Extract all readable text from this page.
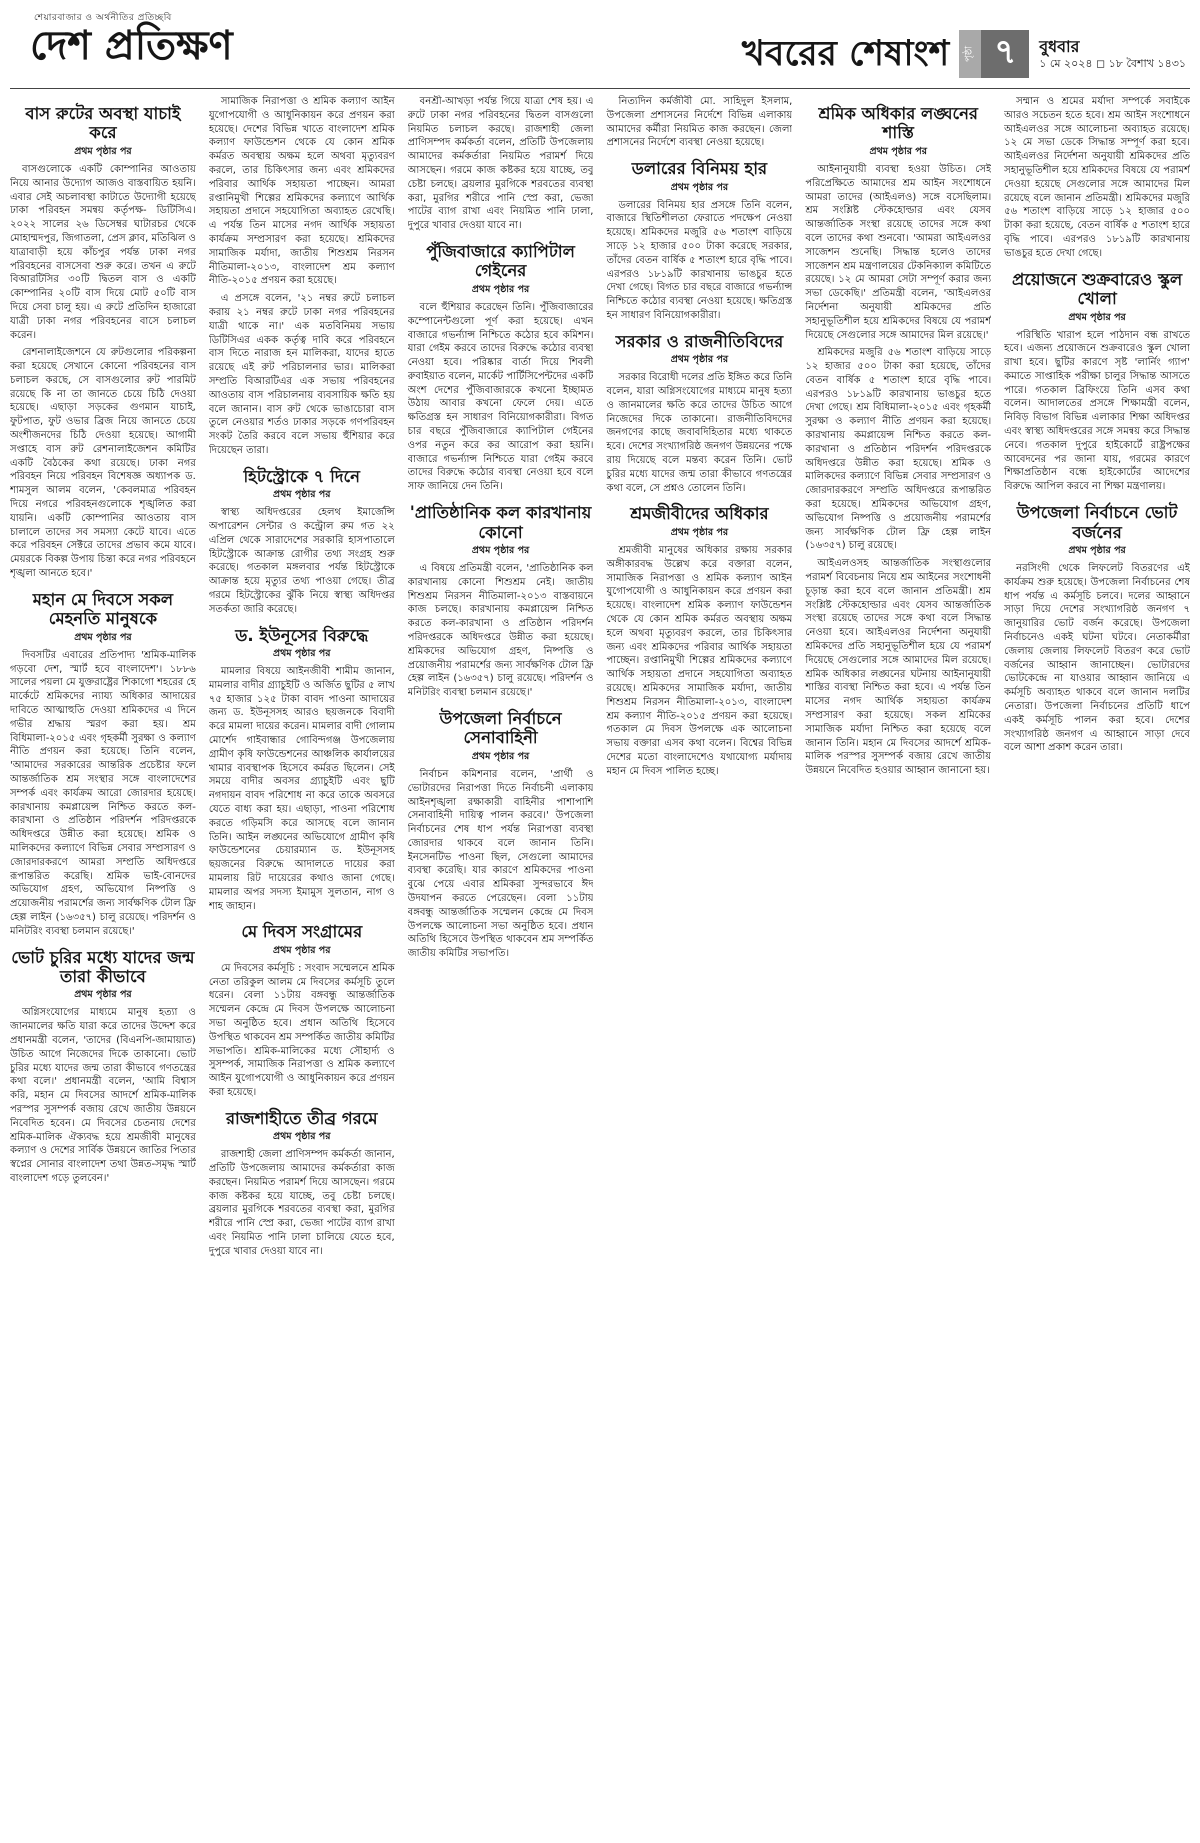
শেয়ারবাজার ও অর্থনীতির প্রতিচ্ছবি
দেশ প্রতিক্ষণ	খবরের শেষাংশ	পৃষ্ঠা ৭	বুধবার
১ মে ২০২৪ ◻ ১৮ বৈশাখ ১৪৩১
বাস রুটের অবস্থা যাচাই করে
প্রথম পৃষ্ঠার পর

বাসগুলোকে একটি কোম্পানির আওতায় নিয়ে আনার উদ্যোগ আজও বাস্তবায়িত হয়নি। এবার সেই অচলাবস্থা কাটাতে উদ্যোগী হয়েছে ঢাকা পরিবহন সমন্বয় কর্তৃপক্ষ- ডিটিসিএ। ২০২২ সালের ২৬ ডিসেম্বর ঘাটারচর থেকে মোহাম্মদপুর, জিগাতলা, প্রেস ক্লাব, মতিঝিল ও যাত্রাবাড়ী হয়ে কাঁচপুর পর্যন্ত ঢাকা নগর পরিবহনের বাসসেবা শুরু করে। তখন এ রুটে বিআরটিসির ৩০টি দ্বিতল বাস ও একটি কোম্পানির ২০টি বাস দিয়ে মোট ৫০টি বাস দিয়ে সেবা চালু হয়। এ রুটে প্রতিদিন হাজারো যাত্রী ঢাকা নগর পরিবহনের বাসে চলাচল করেন।

রেশনালাইজেশনে যে রুটগুলোর পরিকল্পনা করা হয়েছে সেখানে কোনো পরিবহনের বাস চলাচল করছে, সে বাসগুলোর রুট পারমিট রয়েছে কি না তা জানতে চেয়ে চিঠি দেওয়া হয়েছে। এছাড়া সড়কের গুণমান যাচাই, ফুটপাত, ফুট ওভার ব্রিজ নিয়ে জানতে চেয়ে অংশীজনদের চিঠি দেওয়া হয়েছে। আগামী সপ্তাহে বাস রুট রেশনালাইজেশন কমিটির একটি বৈঠকের কথা রয়েছে। ঢাকা নগর পরিবহন নিয়ে পরিবহন বিশেষজ্ঞ অধ্যাপক ড. শামসুল আলম বলেন, 'কেবলমাত্র পরিবহন দিয়ে নগরে পরিবহনগুলোকে শৃঙ্খলিত করা যায়নি। একটি কোম্পানির আওতায় বাস চালালে তাদের সব সমস্যা কেটে যাবে। এতে করে পরিবহন সেক্টরে তাদের প্রভাব কমে যাবে। মেয়রকে বিকল্প উপায় চিন্তা করে নগর পরিবহনে শৃঙ্খলা আনতে হবে।'

মহান মে দিবসে সকল মেহনতি মানুষকে
প্রথম পৃষ্ঠার পর

দিবসটির এবারের প্রতিপাদ্য 'শ্রমিক-মালিক গড়বো দেশ, স্মার্ট হবে বাংলাদেশ'। ১৮৮৬ সালের পয়লা মে যুক্তরাষ্ট্রের শিকাগো শহরের হে মার্কেটে শ্রমিকদের ন্যায্য অধিকার আদায়ের দাবিতে আত্মাহুতি দেওয়া শ্রমিকদের এ দিনে গভীর শ্রদ্ধায় স্মরণ করা হয়। শ্রম বিধিমালা-২০১৫ এবং গৃহকর্মী সুরক্ষা ও কল্যাণ নীতি প্রণয়ন করা হয়েছে। তিনি বলেন, 'আমাদের সরকারের আন্তরিক প্রচেষ্টার ফলে আন্তর্জাতিক শ্রম সংস্থার সঙ্গে বাংলাদেশের সম্পর্ক এবং কার্যক্রম আরো জোরদার হয়েছে। কারখানায় কমপ্লায়েন্স নিশ্চিত করতে কল-কারখানা ও প্রতিষ্ঠান পরিদর্শন পরিদপ্তরকে অধিদপ্তরে উন্নীত করা হয়েছে। শ্রমিক ও মালিকদের কল্যাণে বিভিন্ন সেবার সম্প্রসারণ ও জোরদারকরণে আমরা সম্প্রতি অধিদপ্তরে রূপান্তরিত করেছি। শ্রমিক ভাই-বোনদের অভিযোগ গ্রহণ, অভিযোগ নিষ্পত্তি ও প্রয়োজনীয় পরামর্শের জন্য সার্বক্ষণিক টোল ফ্রি হেল্প লাইন (১৬৩৫৭) চালু রয়েছে। পরিদর্শন ও মনিটরিং ব্যবস্থা চলমান রয়েছে।'

ভোট চুরির মধ্যে যাদের জন্ম তারা কীভাবে
প্রথম পৃষ্ঠার পর

অগ্নিসংযোগের মাধ্যমে মানুষ হত্যা ও জানমালের ক্ষতি যারা করে তাদের উদ্দেশ করে প্রধানমন্ত্রী বলেন, 'তাদের (বিএনপি-জামায়াত) উচিত আগে নিজেদের দিকে তাকানো। ভোট চুরির মধ্যে যাদের জন্ম তারা কীভাবে গণতন্ত্রের কথা বলে।' প্রধানমন্ত্রী বলেন, 'আমি বিশ্বাস করি, মহান মে দিবসের আদর্শে শ্রমিক-মালিক পরস্পর সুসম্পর্ক বজায় রেখে জাতীয় উন্নয়নে নিবেদিত হবেন। মে দিবসের চেতনায় দেশের শ্রমিক-মালিক ঐক্যবদ্ধ হয়ে শ্রমজীবী মানুষের কল্যাণ ও দেশের সার্বিক উন্নয়নে জাতির পিতার স্বপ্নের সোনার বাংলাদেশ তথা উন্নত-সমৃদ্ধ স্মার্ট বাংলাদেশ গড়ে তুলবেন।'

সামাজিক নিরাপত্তা ও শ্রমিক কল্যাণ আইন যুগোপযোগী ও আধুনিকায়ন করে প্রণয়ন করা হয়েছে। দেশের বিভিন্ন খাতে বাংলাদেশ শ্রমিক কল্যাণ ফাউন্ডেশন থেকে যে কোন শ্রমিক কর্মরত অবস্থায় অক্ষম হলে অথবা মৃত্যুবরণ করলে, তার চিকিৎসার জন্য এবং শ্রমিকদের পরিবার আর্থিক সহায়তা পাচ্ছেন। আমরা রপ্তানিমুখী শিল্পের শ্রমিকদের কল্যাণে আর্থিক সহায়তা প্রদানে সহযোগিতা অব্যাহত রেখেছি। এ পর্যন্ত তিন মাসের নগদ আর্থিক সহায়তা কার্যক্রম সম্প্রসারণ করা হয়েছে। শ্রমিকদের সামাজিক মর্যাদা, জাতীয় শিশুশ্রম নিরসন নীতিমালা-২০১৩, বাংলাদেশ শ্রম কল্যাণ নীতি-২০১৫ প্রণয়ন করা হয়েছে।

এ প্রসঙ্গে বলেন, '২১ নম্বর রুটে চলাচল করায় ২১ নম্বর রুটে ঢাকা নগর পরিবহনের যাত্রী থাকে না।' এক মতবিনিময় সভায় ডিটিসিএর একক কর্তৃত্ব দাবি করে পরিবহনে বাস দিতে নারাজ হন মালিকরা, যাদের হাতে রয়েছে এই রুট পরিচালনার ভার। মালিকরা সম্প্রতি বিআরটিএর এক সভায় পরিবহনের আওতায় বাস পরিচালনায় ব্যবসায়িক ক্ষতি হয় বলে জানান। বাস রুট থেকে ভাঙাচোরা বাস তুলে নেওয়ার শর্তও ঢাকার সড়কে গণপরিবহন সংকট তৈরি করবে বলে সভায় হুঁশিয়ার করে দিয়েছেন তারা।

হিটস্ট্রোকে ৭ দিনে
প্রথম পৃষ্ঠার পর

স্বাস্থ্য অধিদপ্তরের হেলথ ইমার্জেন্সি অপারেশন সেন্টার ও কন্ট্রোল রুম গত ২২ এপ্রিল থেকে সারাদেশের সরকারি হাসপাতালে হিটস্ট্রোকে আক্রান্ত রোগীর তথ্য সংগ্রহ শুরু করেছে। গতকাল মঙ্গলবার পর্যন্ত হিটস্ট্রোকে আক্রান্ত হয়ে মৃত্যুর তথ্য পাওয়া গেছে। তীব্র গরমে হিটস্ট্রোকের ঝুঁকি নিয়ে স্বাস্থ্য অধিদপ্তর সতর্কতা জারি করেছে।

ড. ইউনূসের বিরুদ্ধে
প্রথম পৃষ্ঠার পর

মামলার বিষয়ে আইনজীবী শামীম জানান, মামলার বাদীর গ্র্যাচুইটি ও অর্জিত ছুটির ৫ লাখ ৭৫ হাজার ১২৫ টাকা বাবদ পাওনা আদায়ের জন্য ড. ইউনূসসহ আরও ছয়জনকে বিবাদী করে মামলা দায়ের করেন। মামলার বাদী গোলাম মোর্শেদ গাইবান্ধার গোবিন্দগঞ্জ উপজেলায় গ্রামীণ কৃষি ফাউন্ডেশনের আঞ্চলিক কার্যালয়ের খামার ব্যবস্থাপক হিসেবে কর্মরত ছিলেন। সেই সময়ে বাদীর অবসর গ্র্যাচুইটি এবং ছুটি নগদায়ন বাবদ পরিশোধ না করে তাকে অবসরে যেতে বাধ্য করা হয়। এছাড়া, পাওনা পরিশোধ করতে গড়িমসি করে আসছে বলে জানান তিনি। আইন লঙ্ঘনের অভিযোগে গ্রামীণ কৃষি ফাউন্ডেশনের চেয়ারম্যান ড. ইউনূসসহ ছয়জনের বিরুদ্ধে আদালতে দায়ের করা মামলায় রিট দায়েরের কথাও জানা গেছে। মামলার অপর সদস্য ইমামুস সুলতান, নাগ ও শাহ জাহান।

মে দিবস সংগ্রামের
প্রথম পৃষ্ঠার পর

মে দিবসের কর্মসূচি : সংবাদ সম্মেলনে শ্রমিক নেতা তরিকুল আলম মে দিবসের কর্মসূচি তুলে ধরেন। বেলা ১১টায় বঙ্গবন্ধু আন্তর্জাতিক সম্মেলন কেন্দ্রে মে দিবস উপলক্ষে আলোচনা সভা অনুষ্ঠিত হবে। প্রধান অতিথি হিসেবে উপস্থিত থাকবেন শ্রম সম্পর্কিত জাতীয় কমিটির সভাপতি। শ্রমিক-মালিকের মধ্যে সৌহার্দ্য ও সুসম্পর্ক, সামাজিক নিরাপত্তা ও শ্রমিক কল্যাণে আইন যুগোপযোগী ও আধুনিকায়ন করে প্রণয়ন করা হয়েছে।

রাজশাহীতে তীব্র গরমে
প্রথম পৃষ্ঠার পর

রাজশাহী জেলা প্রাণিসম্পদ কর্মকর্তা জানান, প্রতিটি উপজেলায় আমাদের কর্মকর্তারা কাজ করছেন। নিয়মিত পরামর্শ দিয়ে আসছেন। গরমে কাজ কষ্টকর হয়ে যাচ্ছে, তবু চেষ্টা চলছে। ব্রয়লার মুরগিকে শরবতের ব্যবস্থা করা, মুরগির শরীরে পানি স্প্রে করা, ভেজা পাটের ব্যাগ রাখা এবং নিয়মিত পানি ঢালা চালিয়ে যেতে হবে, দুপুরে খাবার দেওয়া যাবে না।

বনশ্রী-আখড়া পর্যন্ত গিয়ে যাত্রা শেষ হয়। এ রুটে ঢাকা নগর পরিবহনের দ্বিতল বাসগুলো নিয়মিত চলাচল করছে। রাজশাহী জেলা প্রাণিসম্পদ কর্মকর্তা বলেন, প্রতিটি উপজেলায় আমাদের কর্মকর্তারা নিয়মিত পরামর্শ দিয়ে আসছেন। গরমে কাজ কষ্টকর হয়ে যাচ্ছে, তবু চেষ্টা চলছে। ব্রয়লার মুরগিকে শরবতের ব্যবস্থা করা, মুরগির শরীরে পানি স্প্রে করা, ভেজা পাটের ব্যাগ রাখা এবং নিয়মিত পানি ঢালা, দুপুরে খাবার দেওয়া যাবে না।

পুঁজিবাজারে ক্যাপিটাল গেইনের
প্রথম পৃষ্ঠার পর

বলে হুঁশিয়ার করেছেন তিনি। পুঁজিবাজারের কম্পোনেন্টগুলো পূর্ণ করা হয়েছে। এখন বাজারে গভর্ন্যান্স নিশ্চিতে কঠোর হবে কমিশন। যারা গেইম করবে তাদের বিরুদ্ধে কঠোর ব্যবস্থা নেওয়া হবে। পরিষ্কার বার্তা দিয়ে শিবলী রুবাইয়াত বলেন, মার্কেট পার্টিসিপেন্টদের একটি অংশ দেশের পুঁজিবাজারকে কখনো ইচ্ছামত উঠায় আবার কখনো ফেলে দেয়। এতে ক্ষতিগ্রস্ত হন সাধারণ বিনিয়োগকারীরা। বিগত চার বছরে পুঁজিবাজারে ক্যাপিটাল গেইনের ওপর নতুন করে কর আরোপ করা হয়নি। বাজারে গভর্ন্যান্স নিশ্চিতে যারা গেইম করবে তাদের বিরুদ্ধে কঠোর ব্যবস্থা নেওয়া হবে বলে সাফ জানিয়ে দেন তিনি।

'প্রাতিষ্ঠানিক কল কারখানায় কোনো
প্রথম পৃষ্ঠার পর

এ বিষয়ে প্রতিমন্ত্রী বলেন, 'প্রাতিষ্ঠানিক কল কারখানায় কোনো শিশুশ্রম নেই। জাতীয় শিশুশ্রম নিরসন নীতিমালা-২০১৩ বাস্তবায়নে কাজ চলছে। কারখানায় কমপ্লায়েন্স নিশ্চিত করতে কল-কারখানা ও প্রতিষ্ঠান পরিদর্শন পরিদপ্তরকে অধিদপ্তরে উন্নীত করা হয়েছে। শ্রমিকদের অভিযোগ গ্রহণ, নিষ্পত্তি ও প্রয়োজনীয় পরামর্শের জন্য সার্বক্ষণিক টোল ফ্রি হেল্প লাইন (১৬৩৫৭) চালু রয়েছে। পরিদর্শন ও মনিটরিং ব্যবস্থা চলমান রয়েছে।'

উপজেলা নির্বাচনে সেনাবাহিনী
প্রথম পৃষ্ঠার পর

নির্বাচন কমিশনার বলেন, 'প্রার্থী ও ভোটারদের নিরাপত্তা দিতে নির্বাচনী এলাকায় আইনশৃঙ্খলা রক্ষাকারী বাহিনীর পাশাপাশি সেনাবাহিনী দায়িত্ব পালন করবে।' উপজেলা নির্বাচনের শেষ ধাপ পর্যন্ত নিরাপত্তা ব্যবস্থা জোরদার থাকবে বলে জানান তিনি। ইনসেনটিভ পাওনা ছিল, সেগুলো আমাদের ব্যবস্থা করেছি। যার কারণে শ্রমিকদের পাওনা বুঝে পেয়ে এবার শ্রমিকরা সুন্দরভাবে ঈদ উদযাপন করতে পেরেছেন। বেলা ১১টায় বঙ্গবন্ধু আন্তর্জাতিক সম্মেলন কেন্দ্রে মে দিবস উপলক্ষে আলোচনা সভা অনুষ্ঠিত হবে। প্রধান অতিথি হিসেবে উপস্থিত থাকবেন শ্রম সম্পর্কিত জাতীয় কমিটির সভাপতি।

নিত্যদিন কর্মজীবী মো. সাহিদুল ইসলাম, উপজেলা প্রশাসনের নির্দেশে বিভিন্ন এলাকায় আমাদের কর্মীরা নিয়মিত কাজ করছেন। জেলা প্রশাসনের নির্দেশে ব্যবস্থা নেওয়া হয়েছে।

ডলারের বিনিময় হার
প্রথম পৃষ্ঠার পর

ডলারের বিনিময় হার প্রসঙ্গে তিনি বলেন, বাজারে স্থিতিশীলতা ফেরাতে পদক্ষেপ নেওয়া হয়েছে। শ্রমিকদের মজুরি ৫৬ শতাংশ বাড়িয়ে সাড়ে ১২ হাজার ৫০০ টাকা করেছে সরকার, তাঁদের বেতন বার্ষিক ৫ শতাংশ হারে বৃদ্ধি পাবে। এরপরও ১৮১৯টি কারখানায় ভাঙচুর হতে দেখা গেছে। বিগত চার বছরে বাজারে গভর্ন্যান্স নিশ্চিতে কঠোর ব্যবস্থা নেওয়া হয়েছে। ক্ষতিগ্রস্ত হন সাধারণ বিনিয়োগকারীরা।

সরকার ও রাজনীতিবিদের
প্রথম পৃষ্ঠার পর

সরকার বিরোধী দলের প্রতি ইঙ্গিত করে তিনি বলেন, যারা অগ্নিসংযোগের মাধ্যমে মানুষ হত্যা ও জানমালের ক্ষতি করে তাদের উচিত আগে নিজেদের দিকে তাকানো। রাজনীতিবিদদের জনগণের কাছে জবাবদিহিতার মধ্যে থাকতে হবে। দেশের সংখ্যাগরিষ্ঠ জনগণ উন্নয়নের পক্ষে রায় দিয়েছে বলে মন্তব্য করেন তিনি। ভোট চুরির মধ্যে যাদের জন্ম তারা কীভাবে গণতন্ত্রের কথা বলে, সে প্রশ্নও তোলেন তিনি।

শ্রমজীবীদের অধিকার
প্রথম পৃষ্ঠার পর

শ্রমজীবী মানুষের অধিকার রক্ষায় সরকার অঙ্গীকারবদ্ধ উল্লেখ করে বক্তারা বলেন, সামাজিক নিরাপত্তা ও শ্রমিক কল্যাণ আইন যুগোপযোগী ও আধুনিকায়ন করে প্রণয়ন করা হয়েছে। বাংলাদেশ শ্রমিক কল্যাণ ফাউন্ডেশন থেকে যে কোন শ্রমিক কর্মরত অবস্থায় অক্ষম হলে অথবা মৃত্যুবরণ করলে, তার চিকিৎসার জন্য এবং শ্রমিকদের পরিবার আর্থিক সহায়তা পাচ্ছেন। রপ্তানিমুখী শিল্পের শ্রমিকদের কল্যাণে আর্থিক সহায়তা প্রদানে সহযোগিতা অব্যাহত রয়েছে। শ্রমিকদের সামাজিক মর্যাদা, জাতীয় শিশুশ্রম নিরসন নীতিমালা-২০১৩, বাংলাদেশ শ্রম কল্যাণ নীতি-২০১৫ প্রণয়ন করা হয়েছে। গতকাল মে দিবস উপলক্ষে এক আলোচনা সভায় বক্তারা এসব কথা বলেন। বিশ্বের বিভিন্ন দেশের মতো বাংলাদেশেও যথাযোগ্য মর্যাদায় মহান মে দিবস পালিত হচ্ছে।

শ্রমিক অধিকার লঙ্ঘনের শাস্তি
প্রথম পৃষ্ঠার পর

আইনানুযায়ী ব্যবস্থা হওয়া উচিত। সেই পরিপ্রেক্ষিতে আমাদের শ্রম আইন সংশোধনে আমরা তাদের (আইএলও) সঙ্গে বসেছিলাম। শ্রম সংশ্লিষ্ট স্টেকহোল্ডার এবং যেসব আন্তর্জাতিক সংস্থা রয়েছে তাদের সঙ্গে কথা বলে তাদের কথা শুনবো। 'আমরা আইএলওর সাজেশন শুনেছি। সিদ্ধান্ত হলেও তাদের সাজেশন শ্রম মন্ত্রণালয়ের টেকনিক্যাল কমিটিতে রয়েছে। ১২ মে আমরা সেটা সম্পূর্ণ করার জন্য সভা ডেকেছি।' প্রতিমন্ত্রী বলেন, 'আইএলওর নির্দেশনা অনুযায়ী শ্রমিকদের প্রতি সহানুভূতিশীল হয়ে শ্রমিকদের বিষয়ে যে পরামর্শ দিয়েছে সেগুলোর সঙ্গে আমাদের মিল রয়েছে।'

শ্রমিকদের মজুরি ৫৬ শতাংশ বাড়িয়ে সাড়ে ১২ হাজার ৫০০ টাকা করা হয়েছে, তাঁদের বেতন বার্ষিক ৫ শতাংশ হারে বৃদ্ধি পাবে। এরপরও ১৮১৯টি কারখানায় ভাঙচুর হতে দেখা গেছে। শ্রম বিধিমালা-২০১৫ এবং গৃহকর্মী সুরক্ষা ও কল্যাণ নীতি প্রণয়ন করা হয়েছে। কারখানায় কমপ্লায়েন্স নিশ্চিত করতে কল-কারখানা ও প্রতিষ্ঠান পরিদর্শন পরিদপ্তরকে অধিদপ্তরে উন্নীত করা হয়েছে। শ্রমিক ও মালিকদের কল্যাণে বিভিন্ন সেবার সম্প্রসারণ ও জোরদারকরণে সম্প্রতি অধিদপ্তরে রূপান্তরিত করা হয়েছে। শ্রমিকদের অভিযোগ গ্রহণ, অভিযোগ নিষ্পত্তি ও প্রয়োজনীয় পরামর্শের জন্য সার্বক্ষণিক টোল ফ্রি হেল্প লাইন (১৬৩৫৭) চালু রয়েছে।

আইএলওসহ আন্তর্জাতিক সংস্থাগুলোর পরামর্শ বিবেচনায় নিয়ে শ্রম আইনের সংশোধনী চূড়ান্ত করা হবে বলে জানান প্রতিমন্ত্রী। শ্রম সংশ্লিষ্ট স্টেকহোল্ডার এবং যেসব আন্তর্জাতিক সংস্থা রয়েছে তাদের সঙ্গে কথা বলে সিদ্ধান্ত নেওয়া হবে। আইএলওর নির্দেশনা অনুযায়ী শ্রমিকদের প্রতি সহানুভূতিশীল হয়ে যে পরামর্শ দিয়েছে সেগুলোর সঙ্গে আমাদের মিল রয়েছে। শ্রমিক অধিকার লঙ্ঘনের ঘটনায় আইনানুযায়ী শাস্তির ব্যবস্থা নিশ্চিত করা হবে। এ পর্যন্ত তিন মাসের নগদ আর্থিক সহায়তা কার্যক্রম সম্প্রসারণ করা হয়েছে। সকল শ্রমিকের সামাজিক মর্যাদা নিশ্চিত করা হয়েছে বলে জানান তিনি। মহান মে দিবসের আদর্শে শ্রমিক-মালিক পরস্পর সুসম্পর্ক বজায় রেখে জাতীয় উন্নয়নে নিবেদিত হওয়ার আহ্বান জানানো হয়।

সম্মান ও শ্রমের মর্যাদা সম্পর্কে সবাইকে আরও সচেতন হতে হবে। শ্রম আইন সংশোধনে আইএলওর সঙ্গে আলোচনা অব্যাহত রয়েছে। ১২ মে সভা ডেকে সিদ্ধান্ত সম্পূর্ণ করা হবে। আইএলওর নির্দেশনা অনুযায়ী শ্রমিকদের প্রতি সহানুভূতিশীল হয়ে শ্রমিকদের বিষয়ে যে পরামর্শ দেওয়া হয়েছে সেগুলোর সঙ্গে আমাদের মিল রয়েছে বলে জানান প্রতিমন্ত্রী। শ্রমিকদের মজুরি ৫৬ শতাংশ বাড়িয়ে সাড়ে ১২ হাজার ৫০০ টাকা করা হয়েছে, বেতন বার্ষিক ৫ শতাংশ হারে বৃদ্ধি পাবে। এরপরও ১৮১৯টি কারখানায় ভাঙচুর হতে দেখা গেছে।

প্রয়োজনে শুক্রবারেও স্কুল খোলা
প্রথম পৃষ্ঠার পর

পরিস্থিতি খারাপ হলে পাঠদান বন্ধ রাখতে হবে। এজন্য প্রয়োজনে শুক্রবারেও স্কুল খোলা রাখা হবে। ছুটির কারণে সৃষ্ট 'লার্নিং গ্যাপ' কমাতে সাপ্তাহিক পরীক্ষা চালুর সিদ্ধান্ত আসতে পারে। গতকাল ব্রিফিংয়ে তিনি এসব কথা বলেন। আদালতের প্রসঙ্গে শিক্ষামন্ত্রী বলেন, নিবিড় বিভাগ বিভিন্ন এলাকার শিক্ষা অধিদপ্তর এবং স্বাস্থ্য অধিদপ্তরের সঙ্গে সমন্বয় করে সিদ্ধান্ত নেবে। গতকাল দুপুরে হাইকোর্টে রাষ্ট্রপক্ষের আবেদনের পর জানা যায়, গরমের কারণে শিক্ষাপ্রতিষ্ঠান বন্ধে হাইকোর্টের আদেশের বিরুদ্ধে আপিল করবে না শিক্ষা মন্ত্রণালয়।

উপজেলা নির্বাচনে ভোট বর্জনের
প্রথম পৃষ্ঠার পর

নরসিংদী থেকে লিফলেট বিতরণের এই কার্যক্রম শুরু হয়েছে। উপজেলা নির্বাচনের শেষ ধাপ পর্যন্ত এ কর্মসূচি চলবে। দলের আহ্বানে সাড়া দিয়ে দেশের সংখ্যাগরিষ্ঠ জনগণ ৭ জানুয়ারির ভোট বর্জন করেছে। উপজেলা নির্বাচনেও একই ঘটনা ঘটবে। নেতাকর্মীরা জেলায় জেলায় লিফলেট বিতরণ করে ভোট বর্জনের আহ্বান জানাচ্ছেন। ভোটারদের ভোটকেন্দ্রে না যাওয়ার আহ্বান জানিয়ে এ কর্মসূচি অব্যাহত থাকবে বলে জানান দলটির নেতারা। উপজেলা নির্বাচনের প্রতিটি ধাপে একই কর্মসূচি পালন করা হবে। দেশের সংখ্যাগরিষ্ঠ জনগণ এ আহ্বানে সাড়া দেবে বলে আশা প্রকাশ করেন তারা।
